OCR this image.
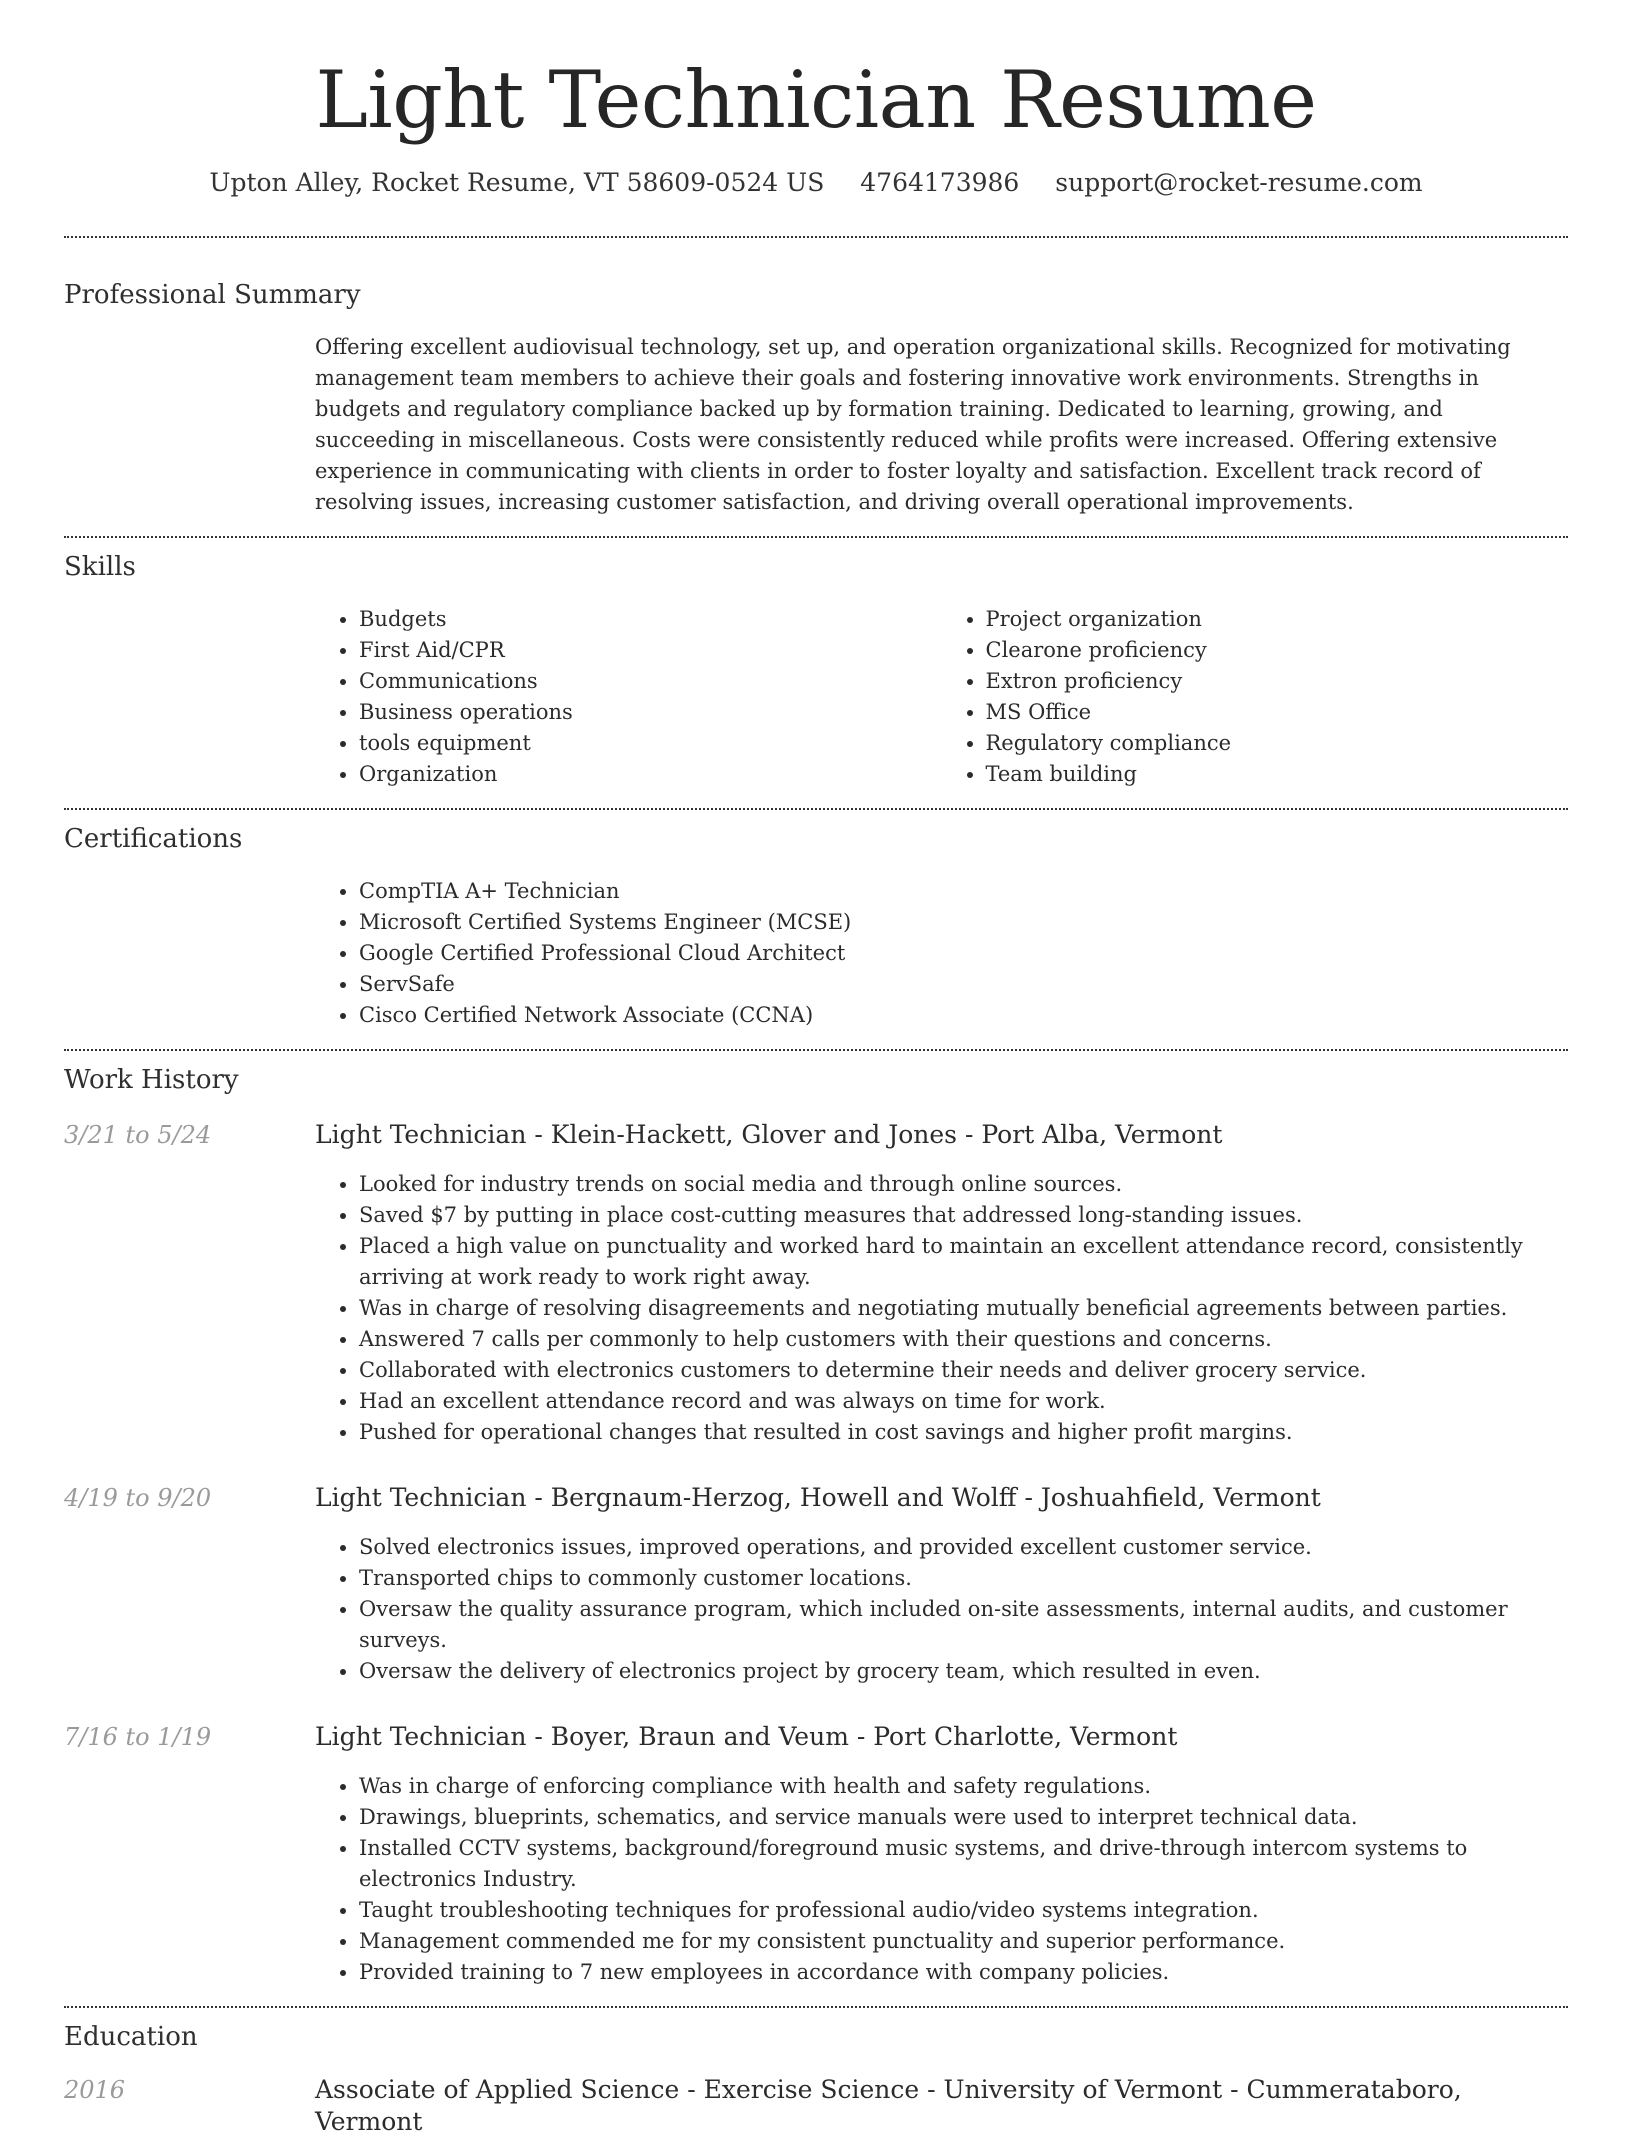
Light Technician Resume
Upton Alley, Rocket Resume, VT 58609-0524 US 4764173986 support@rocket-resume.com
Professional Summary

Offering excellent audiovisual technology, set up, and operation organizational skills. Recognized for motivating management team members to achieve their goals and fostering innovative work environments. Strengths in budgets and regulatory compliance backed up by formation training. Dedicated to learning, growing, and succeeding in miscellaneous. Costs were consistently reduced while profits were increased. Offering extensive experience in communicating with clients in order to foster loyalty and satisfaction. Excellent track record of resolving issues, increasing customer satisfaction, and driving overall operational improvements.

Skills
• Budgets
• First Aid/CPR
• Communications
• Business operations
• tools equipment
• Organization
• Project organization
• Clearone proficiency
• Extron proficiency
• MS Office
• Regulatory compliance
• Team building
Certifications
• CompTIA A+ Technician
• Microsoft Certified Systems Engineer (MCSE)
• Google Certified Professional Cloud Architect
• ServSafe
• Cisco Certified Network Associate (CCNA)
Work History
3/21 to 5/24	Light Technician - Klein-Hackett, Glover and Jones - Port Alba, Vermont
• Looked for industry trends on social media and through online sources.
• Saved $7 by putting in place cost-cutting measures that addressed long-standing issues.
• Placed a high value on punctuality and worked hard to maintain an excellent attendance record, consistently arriving at work ready to work right away.
• Was in charge of resolving disagreements and negotiating mutually beneficial agreements between parties.
• Answered 7 calls per commonly to help customers with their questions and concerns.
• Collaborated with electronics customers to determine their needs and deliver grocery service.
• Had an excellent attendance record and was always on time for work.
• Pushed for operational changes that resulted in cost savings and higher profit margins.
4/19 to 9/20	Light Technician - Bergnaum-Herzog, Howell and Wolff - Joshuahfield, Vermont
• Solved electronics issues, improved operations, and provided excellent customer service.
• Transported chips to commonly customer locations.
• Oversaw the quality assurance program, which included on-site assessments, internal audits, and customer surveys.
• Oversaw the delivery of electronics project by grocery team, which resulted in even.
7/16 to 1/19	Light Technician - Boyer, Braun and Veum - Port Charlotte, Vermont
• Was in charge of enforcing compliance with health and safety regulations.
• Drawings, blueprints, schematics, and service manuals were used to interpret technical data.
• Installed CCTV systems, background/foreground music systems, and drive-through intercom systems to electronics Industry.
• Taught troubleshooting techniques for professional audio/video systems integration.
• Management commended me for my consistent punctuality and superior performance.
• Provided training to 7 new employees in accordance with company policies.
Education
2016	Associate of Applied Science - Exercise Science - University of Vermont - Cummerataboro, Vermont
